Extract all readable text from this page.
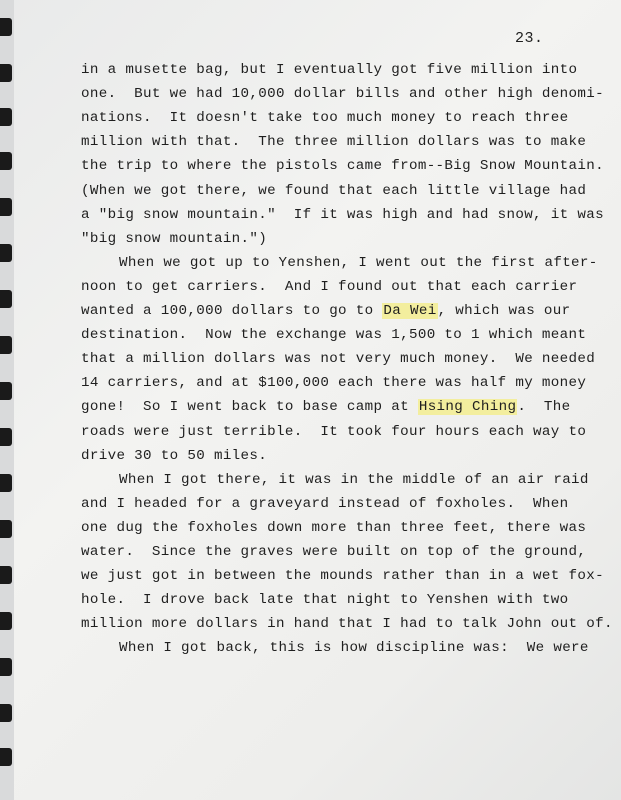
23.
in a musette bag, but I eventually got five million into
one.  But we had 10,000 dollar bills and other high denomi-
nations.  It doesn't take too much money to reach three
million with that.  The three million dollars was to make
the trip to where the pistols came from--Big Snow Mountain.
(When we got there, we found that each little village had
a "big snow mountain."  If it was high and had snow, it was
"big snow mountain.")
When we got up to Yenshen, I went out the first after-
noon to get carriers.  And I found out that each carrier
wanted a 100,000 dollars to go to Da Wei, which was our
destination.  Now the exchange was 1,500 to 1 which meant
that a million dollars was not very much money.  We needed
14 carriers, and at $100,000 each there was half my money
gone!  So I went back to base camp at Hsing Ching.  The
roads were just terrible.  It took four hours each way to
drive 30 to 50 miles.
When I got there, it was in the middle of an air raid
and I headed for a graveyard instead of foxholes.  When
one dug the foxholes down more than three feet, there was
water.  Since the graves were built on top of the ground,
we just got in between the mounds rather than in a wet fox-
hole.  I drove back late that night to Yenshen with two
million more dollars in hand that I had to talk John out of.
When I got back, this is how discipline was:  We were
